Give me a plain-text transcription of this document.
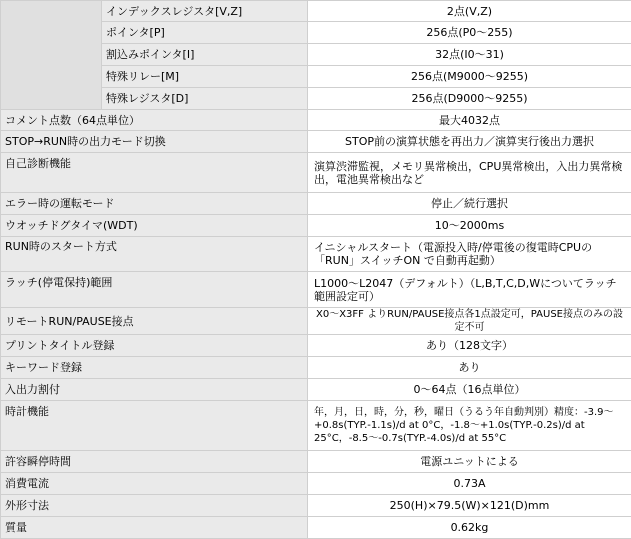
	インデックスレジスタ[V,Z]	2点(V,Z)
	ポインタ[P]	256点(P0〜255)
	割込みポインタ[I]	32点(I0〜31)
	特殊リレー[M]	256点(M9000〜9255)
	特殊レジスタ[D]	256点(D9000〜9255)
コメント点数（64点単位）		最大4032点
STOP→RUN時の出力モード切換		STOP前の演算状態を再出力／演算実行後出力選択
自己診断機能		演算渋滞監視，メモリ異常検出，CPU異常検出，入出力異常検出，電池異常検出など
エラー時の運転モード		停止／続行選択
ウオッチドグタイマ(WDT)		10〜2000ms
RUN時のスタート方式		イニシャルスタート（電源投入時/停電後の復電時CPUの「RUN」スイッチON で自動再起動）
ラッチ(停電保持)範囲		L1000〜L2047（デフォルト）（L,B,T,C,D,Wについてラッチ範囲設定可）
リモートRUN/PAUSE接点		X0〜X3FF よりRUN/PAUSE接点各1点設定可，PAUSE接点のみの設定不可
プリントタイトル登録		あり（128文字）
キーワード登録		あり
入出力割付		0〜64点（16点単位）
時計機能		年，月，日，時，分，秒，曜日（うるう年自動判別）精度：-3.9〜+0.8s(TYP.-1.1s)/d at 0°C，-1.8〜+1.0s(TYP.-0.2s)/d at 25°C，-8.5〜-0.7s(TYP.-4.0s)/d at 55°C
許容瞬停時間		電源ユニットによる
消費電流		0.73A
外形寸法		250(H)×79.5(W)×121(D)mm
質量		0.62kg
